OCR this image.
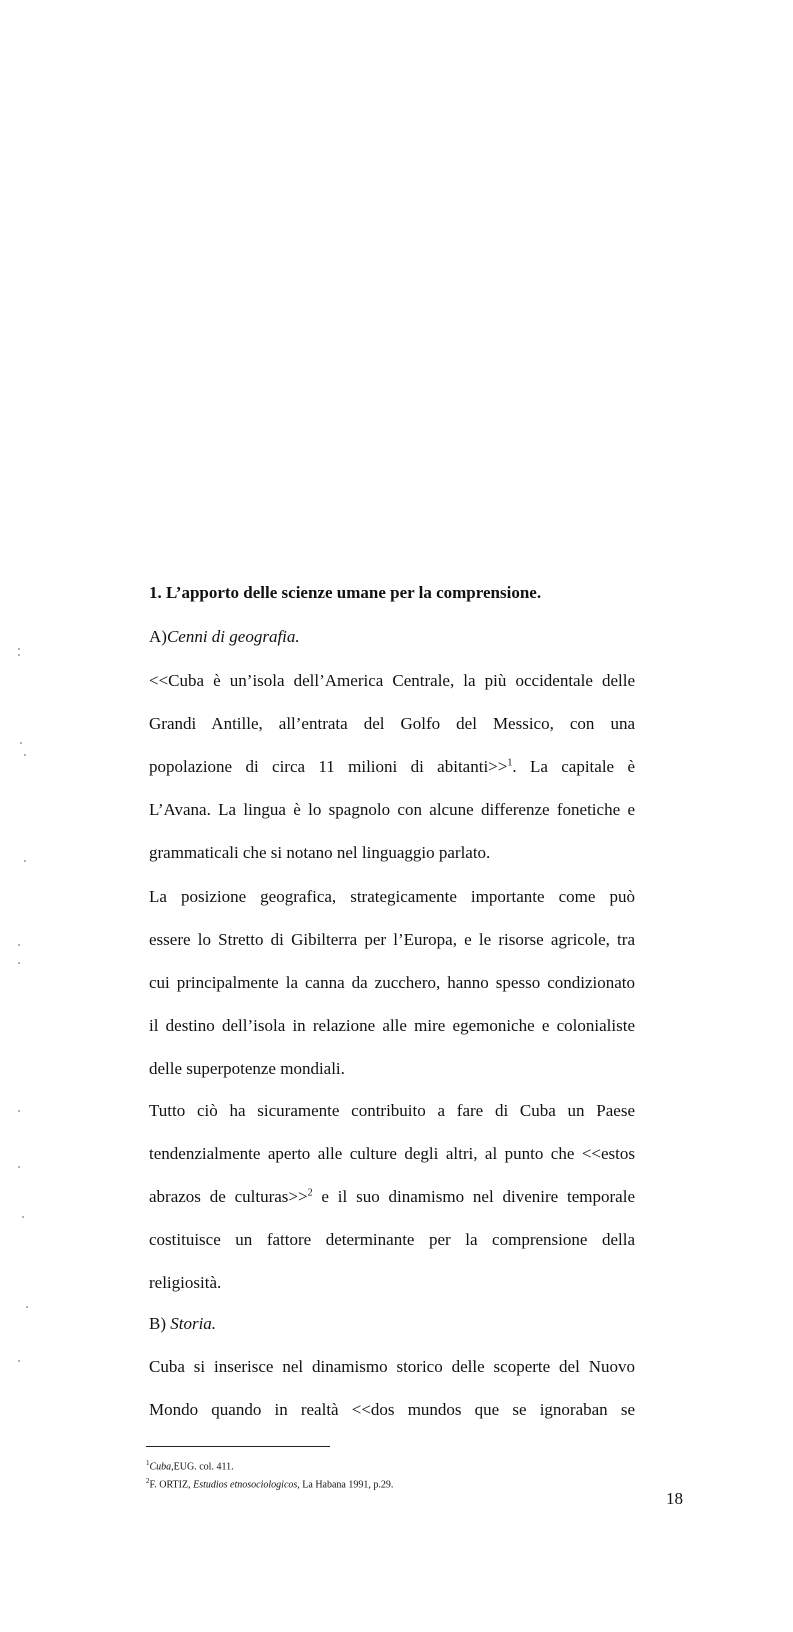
1. L’apporto delle scienze umane per la comprensione.

A)Cenni di geografia.

<<Cuba è un’isola dell’America Centrale, la più occidentale delle
Grandi Antille, all’entrata del Golfo del Messico, con una
popolazione di circa 11 milioni di abitanti>>$^1$. La capitale è
L’Avana. La lingua è lo spagnolo con alcune differenze fonetiche e
grammaticali che si notano nel linguaggio parlato.
La posizione geografica, strategicamente importante come può
essere lo Stretto di Gibilterra per l’Europa, e le risorse agricole, tra
cui principalmente la canna da zucchero, hanno spesso condizionato
il destino dell’isola in relazione alle mire egemoniche e colonialiste
delle superpotenze mondiali.
Tutto ciò ha sicuramente contribuito a fare di Cuba un Paese
tendenzialmente aperto alle culture degli altri, al punto che <<estos
abrazos de culturas>>$^2$ e il suo dinamismo nel divenire temporale
costituisce un fattore determinante per la comprensione della
religiosità.

B) Storia.

Cuba si inserisce nel dinamismo storico delle scoperte del Nuovo
Mondo quando in realtà <<dos mundos que se ignoraban se
$^1$Cuba,EUG. col. 411.
$^2$F. ORTIZ, Estudios etnosociologicos, La Habana 1991, p.29.
18
